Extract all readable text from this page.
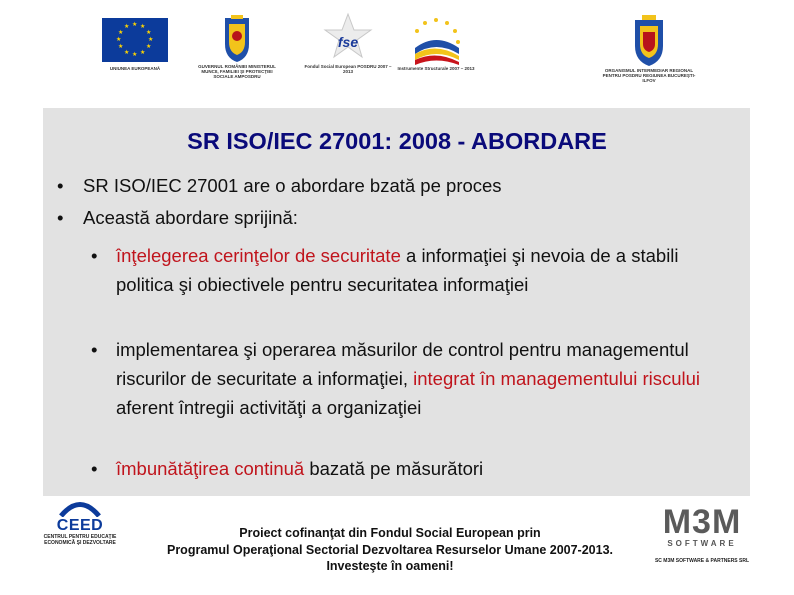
★ ★
★
★
★
★
★
★
★
★
★
★
UNIUNEA EUROPEANĂ	GUVERNUL ROMÂNIEI MINISTERUL MUNCII, FAMILIEI ŞI PROTECŢIEI SOCIALE AMPOSDRU
fse
Fondul Social European POSDRU 2007 – 2013
Instrumente Structurale 2007 – 2013	ORGANISMUL INTERMEDIAR REGIONAL PENTRU POSDRU REGIUNEA BUCUREŞTI-ILFOV
SR ISO/IEC 27001: 2008 - ABORDARE
• SR ISO/IEC 27001 are o abordare bzată pe proces
• Această abordare sprijină:
• înţelegerea cerinţelor de securitate a informaţiei şi nevoia de a stabili politica şi obiectivele pentru securitatea informaţiei
• implementarea şi operarea măsurilor de control pentru managementul riscurilor de securitate a informaţiei, integrat în managementului riscului aferent întregii activităţi a organizaţiei
• îmbunătăţirea continuă bazată pe măsurători
CEED
CENTRUL PENTRU EDUCAŢIE ECONOMICĂ ŞI DEZVOLTARE
Proiect cofinanţat din Fondul Social European prin
Programul Operaţional Sectorial Dezvoltarea Resurselor Umane 2007-2013.
Investeşte în oameni!
M3M
SOFTWARE
SC M3M SOFTWARE & PARTNERS SRL
